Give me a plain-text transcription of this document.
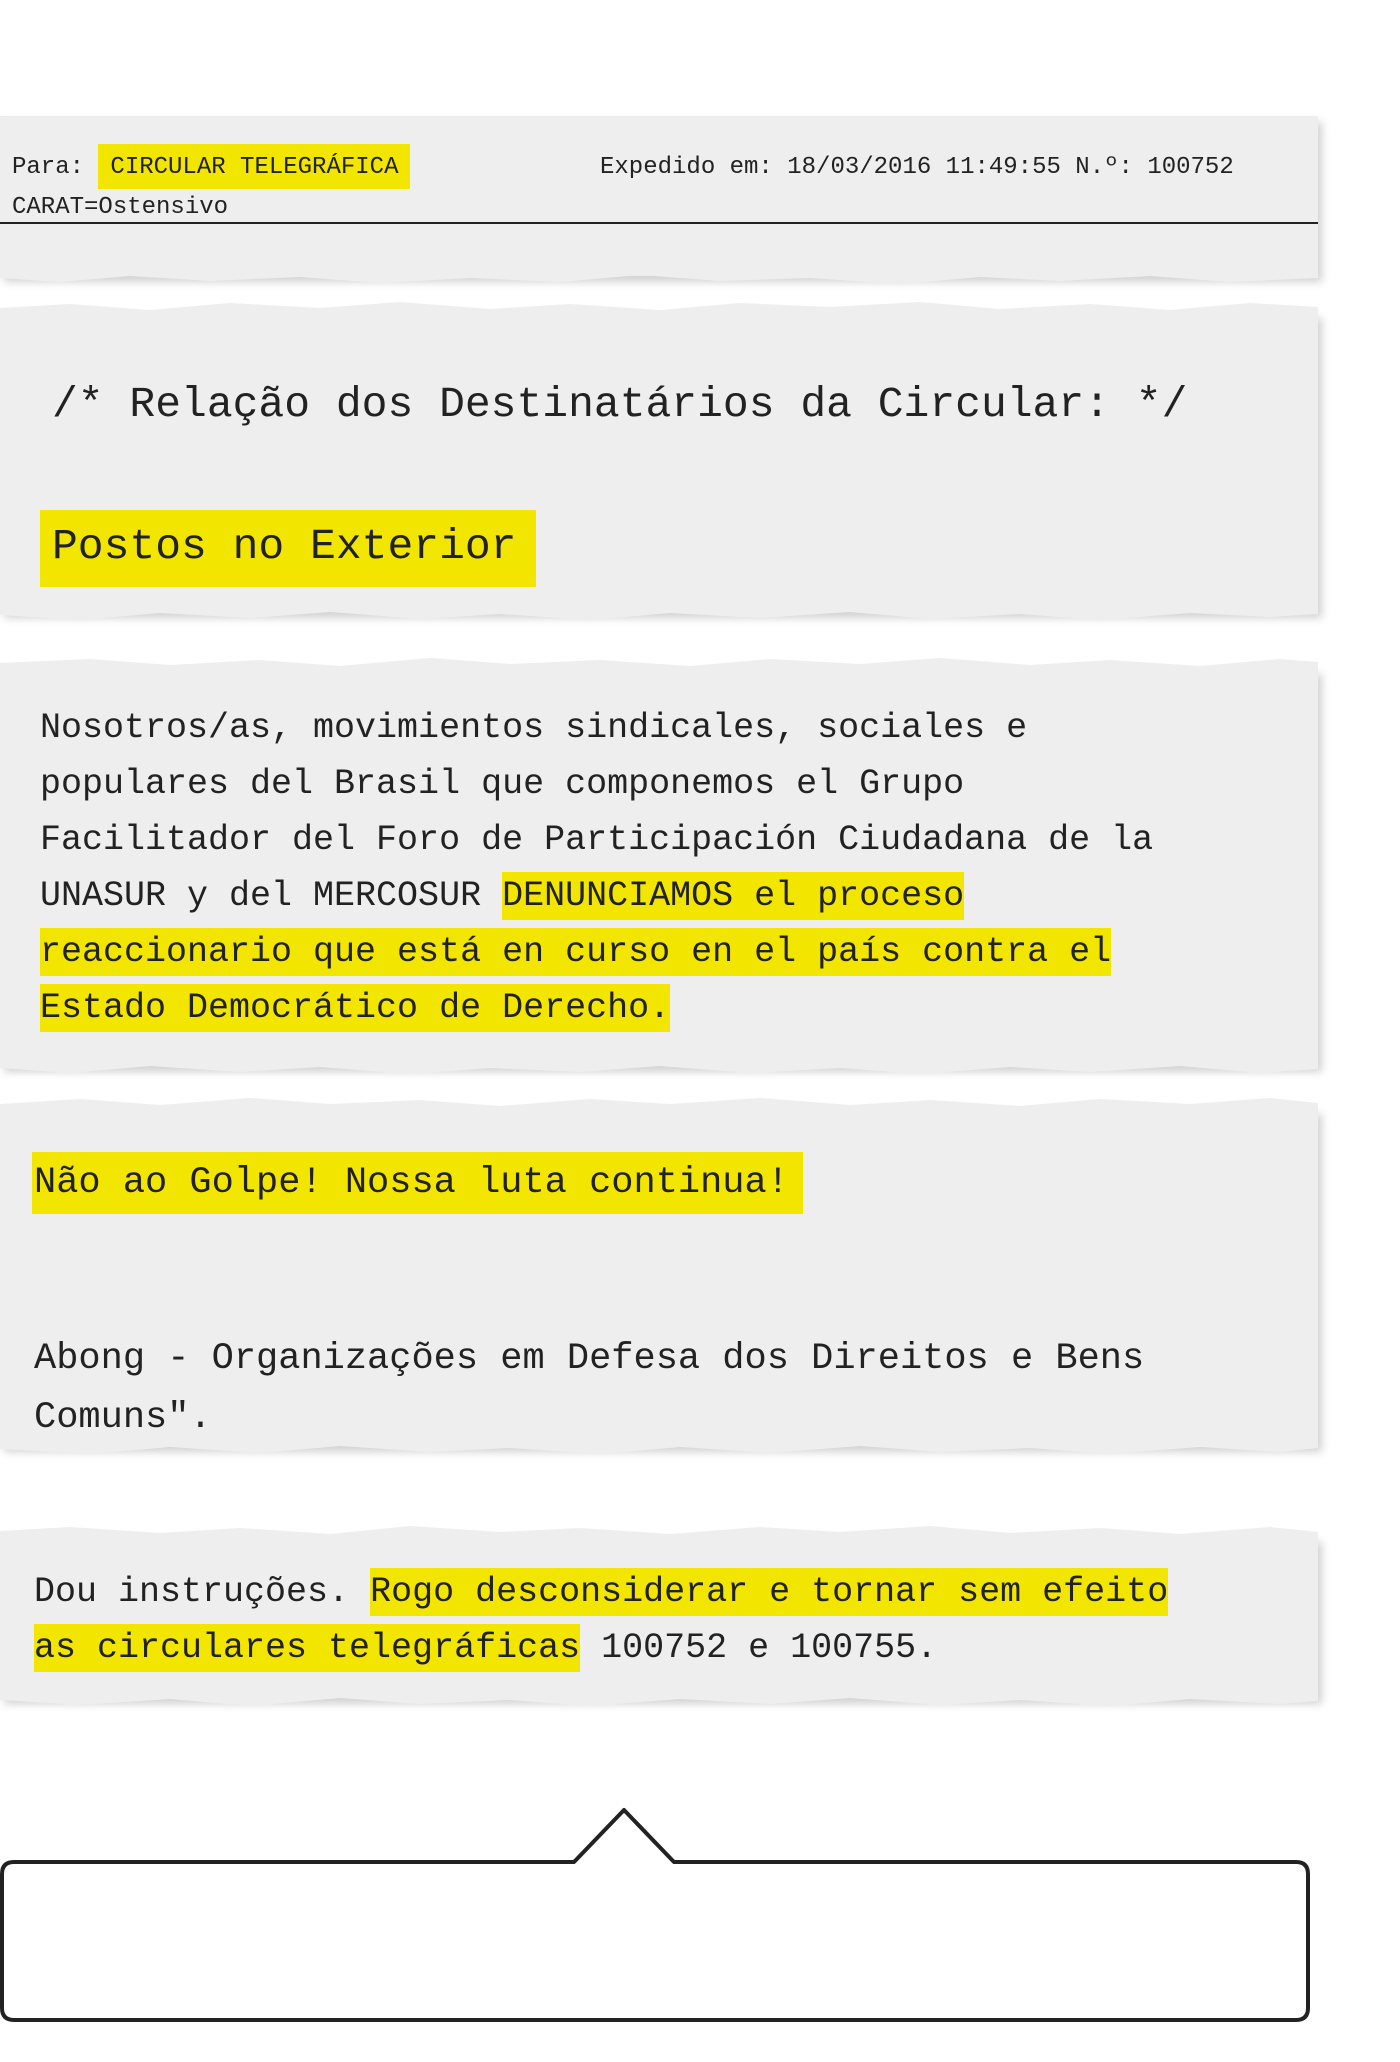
Para: CIRCULAR TELEGRÁFICA	Expedido em: 18/03/2016 11:49:55 N.º: 100752
CARAT=Ostensivo
/* Relação dos Destinatários da Circular: */
Postos no Exterior
Nosotros/as, movimientos sindicales, sociales e
populares del Brasil que componemos el Grupo
Facilitador del Foro de Participación Ciudadana de la
UNASUR y del MERCOSUR DENUNCIAMOS el proceso
reaccionario que está en curso en el país contra el
Estado Democrático de Derecho.
Não ao Golpe! Nossa luta continua!
Abong - Organizações em Defesa dos Direitos e Bens
Comuns".
Dou instruções. Rogo desconsiderar e tornar sem efeito
as circulares telegráficas 100752 e 100755.
